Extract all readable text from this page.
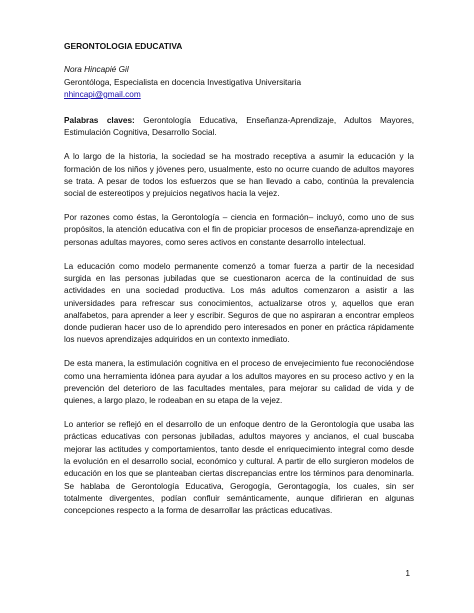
GERONTOLOGIA EDUCATIVA
Nora Hincapié Gil
Gerontóloga, Especialista en docencia Investigativa Universitaria
nhincapi@gmail.com

Palabras claves: Gerontología Educativa, Enseñanza-Aprendizaje, Adultos Mayores, Estimulación Cognitiva, Desarrollo Social.

A lo largo de la historia, la sociedad se ha mostrado receptiva a asumir la educación y la formación de los niños y jóvenes pero, usualmente, esto no ocurre cuando de adultos mayores se trata. A pesar de todos los esfuerzos que se han llevado a cabo, continúa la prevalencia social de estereotipos y prejuicios negativos hacia la vejez.

Por razones como éstas, la Gerontología – ciencia en formación– incluyó, como uno de sus propósitos, la atención educativa con el fin de propiciar procesos de enseñanza-aprendizaje en personas adultas mayores, como seres activos en constante desarrollo intelectual.

La educación como modelo permanente comenzó a tomar fuerza a partir de la necesidad surgida en las personas jubiladas que se cuestionaron acerca de la continuidad de sus actividades en una sociedad productiva. Los más adultos comenzaron a asistir a las universidades para refrescar sus conocimientos, actualizarse otros y, aquellos que eran analfabetos, para aprender a leer y escribir. Seguros de que no aspiraran a encontrar empleos donde pudieran hacer uso de lo aprendido pero interesados en poner en práctica rápidamente los nuevos aprendizajes adquiridos en un contexto inmediato.

De esta manera, la estimulación cognitiva en el proceso de envejecimiento fue reconociéndose como una herramienta idónea para ayudar a los adultos mayores en su proceso activo y en la prevención del deterioro de las facultades mentales, para mejorar su calidad de vida y de quienes, a largo plazo, le rodeaban en su etapa de la vejez.

Lo anterior se reflejó en el desarrollo de un enfoque dentro de la Gerontología que usaba las prácticas educativas con personas jubiladas, adultos mayores y ancianos, el cual buscaba mejorar las actitudes y comportamientos, tanto desde el enriquecimiento integral como desde la evolución en el desarrollo social, económico y cultural. A partir de ello surgieron modelos de educación en los que se planteaban ciertas discrepancias entre los términos para denominarla. Se hablaba de Gerontología Educativa, Gerogogía, Gerontagogía, los cuales, sin ser totalmente divergentes, podían confluir semánticamente, aunque difirieran en algunas concepciones respecto a la forma de desarrollar las prácticas educativas.

1
